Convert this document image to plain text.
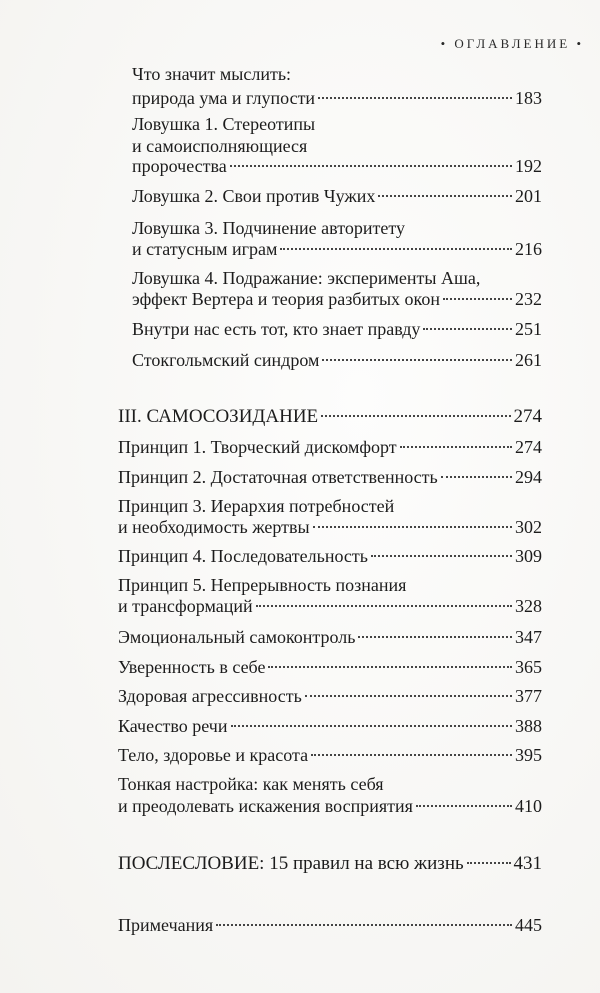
• ОГЛАВЛЕНИЕ •
Что значит мыслить:
природа ума и глупости	183
Ловушка 1. Стереотипы
и самоисполняющиеся
пророчества	192
Ловушка 2. Свои против Чужих	201
Ловушка 3. Подчинение авторитету
и статусным играм	216
Ловушка 4. Подражание: эксперименты Аша,
эффект Вертера и теория разбитых окон	232
Внутри нас есть тот, кто знает правду	251
Стокгольмский синдром	261
III. САМОСОЗИДАНИЕ	274
Принцип 1. Творческий дискомфорт	274
Принцип 2. Достаточная ответственность	294
Принцип 3. Иерархия потребностей
и необходимость жертвы	302
Принцип 4. Последовательность	309
Принцип 5. Непрерывность познания
и трансформаций	328
Эмоциональный самоконтроль	347
Уверенность в себе	365
Здоровая агрессивность	377
Качество речи	388
Тело, здоровье и красота	395
Тонкая настройка: как менять себя
и преодолевать искажения восприятия	410
ПОСЛЕСЛОВИЕ: 15 правил на всю жизнь	431
Примечания	445
